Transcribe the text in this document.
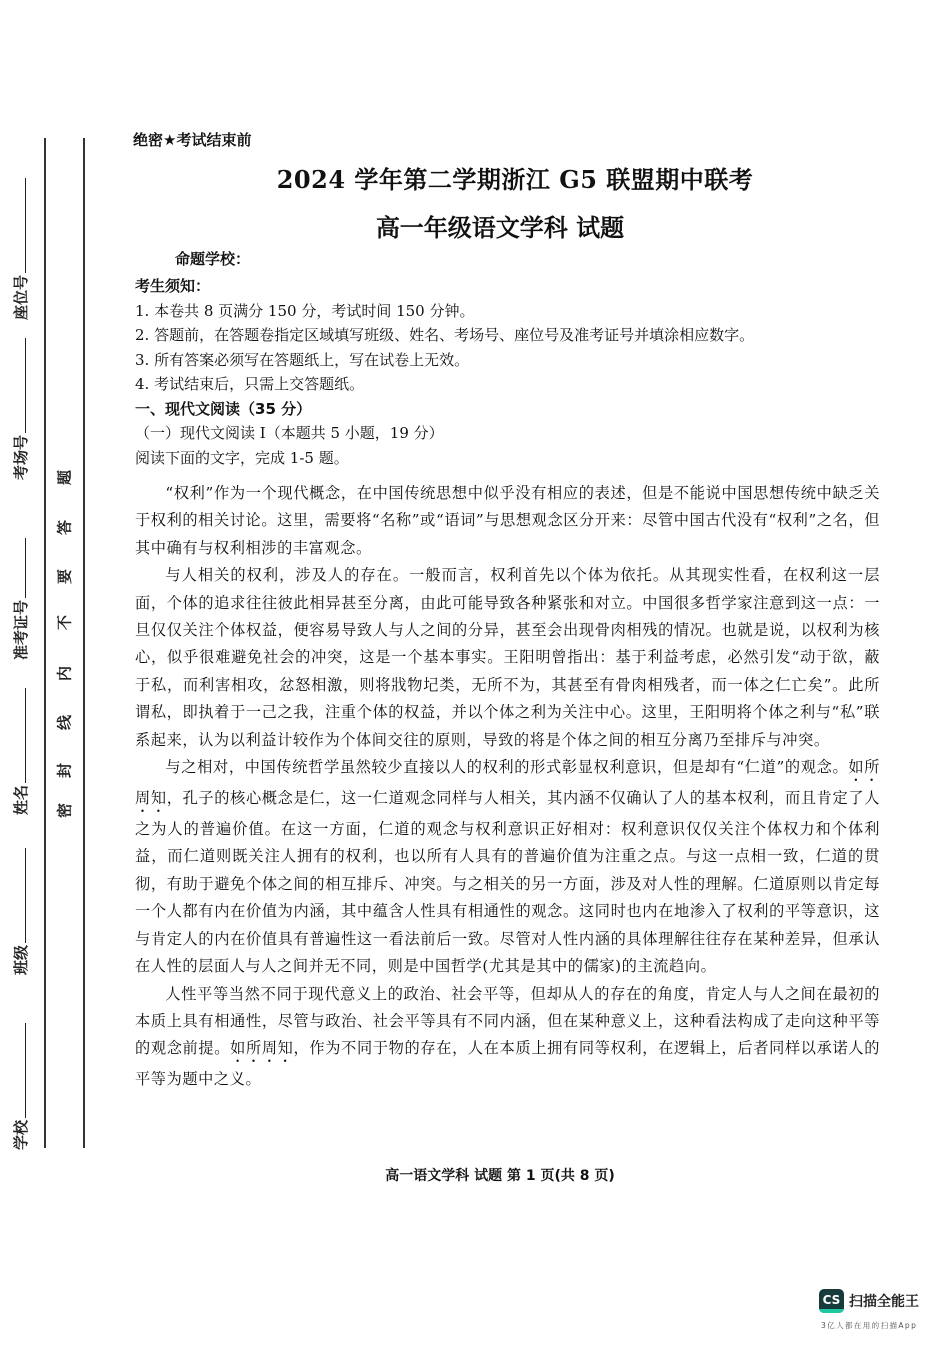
学校
班级
姓名
准考证号
考场号
座位号
密
封
线
内
不
要
答
题
绝密★考试结束前
2024 学年第二学期浙江 G5 联盟期中联考
高一年级语文学科 试题
命题学校：
考生须知：
1. 本卷共 8 页满分 150 分，考试时间 150 分钟。
2. 答题前，在答题卷指定区域填写班级、姓名、考场号、座位号及准考证号并填涂相应数字。
3. 所有答案必须写在答题纸上，写在试卷上无效。
4. 考试结束后，只需上交答题纸。
一、现代文阅读（35 分）
（一）现代文阅读 I（本题共 5 小题，19 分）
阅读下面的文字，完成 1-5 题。

“权利”作为一个现代概念，在中国传统思想中似乎没有相应的表述，但是不能说中国思想传统中缺乏关于权利的相关讨论。这里，需要将“名称”或“语词”与思想观念区分开来：尽管中国古代没有“权利”之名，但其中确有与权利相涉的丰富观念。

与人相关的权利，涉及人的存在。一般而言，权利首先以个体为依托。从其现实性看，在权利这一层面，个体的追求往往彼此相异甚至分离，由此可能导致各种紧张和对立。中国很多哲学家注意到这一点：一旦仅仅关注个体权益，便容易导致人与人之间的分异，甚至会出现骨肉相残的情况。也就是说，以权利为核心，似乎很难避免社会的冲突，这是一个基本事实。王阳明曾指出：基于利益考虑，必然引发“动于欲，蔽于私，而利害相攻，忿怒相激，则将戕物圮类，无所不为，其甚至有骨肉相残者，而一体之仁亡矣”。此所谓私，即执着于一己之我，注重个体的权益，并以个体之利为关注中心。这里，王阳明将个体之利与“私”联系起来，认为以利益计较作为个体间交往的原则，导致的将是个体之间的相互分离乃至排斥与冲突。

与之相对，中国传统哲学虽然较少直接以人的权利的形式彰显权利意识，但是却有“仁道”的观念。如所周知，孔子的核心概念是仁，这一仁道观念同样与人相关，其内涵不仅确认了人的基本权利，而且肯定了人之为人的普遍价值。在这一方面，仁道的观念与权利意识正好相对：权利意识仅仅关注个体权力和个体利益，而仁道则既关注人拥有的权利，也以所有人具有的普遍价值为注重之点。与这一点相一致，仁道的贯彻，有助于避免个体之间的相互排斥、冲突。与之相关的另一方面，涉及对人性的理解。仁道原则以肯定每一个人都有内在价值为内涵，其中蕴含人性具有相通性的观念。这同时也内在地渗入了权利的平等意识，这与肯定人的内在价值具有普遍性这一看法前后一致。尽管对人性内涵的具体理解往往存在某种差异，但承认在人性的层面人与人之间并无不同，则是中国哲学(尤其是其中的儒家)的主流趋向。

人性平等当然不同于现代意义上的政治、社会平等，但却从人的存在的角度，肯定人与人之间在最初的本质上具有相通性，尽管与政治、社会平等具有不同内涵，但在某种意义上，这种看法构成了走向这种平等的观念前提。如所周知，作为不同于物的存在，人在本质上拥有同等权利，在逻辑上，后者同样以承诺人的平等为题中之义。

高一语文学科 试题 第 1 页(共 8 页)
CS 扫描全能王
3亿人都在用的扫描App
